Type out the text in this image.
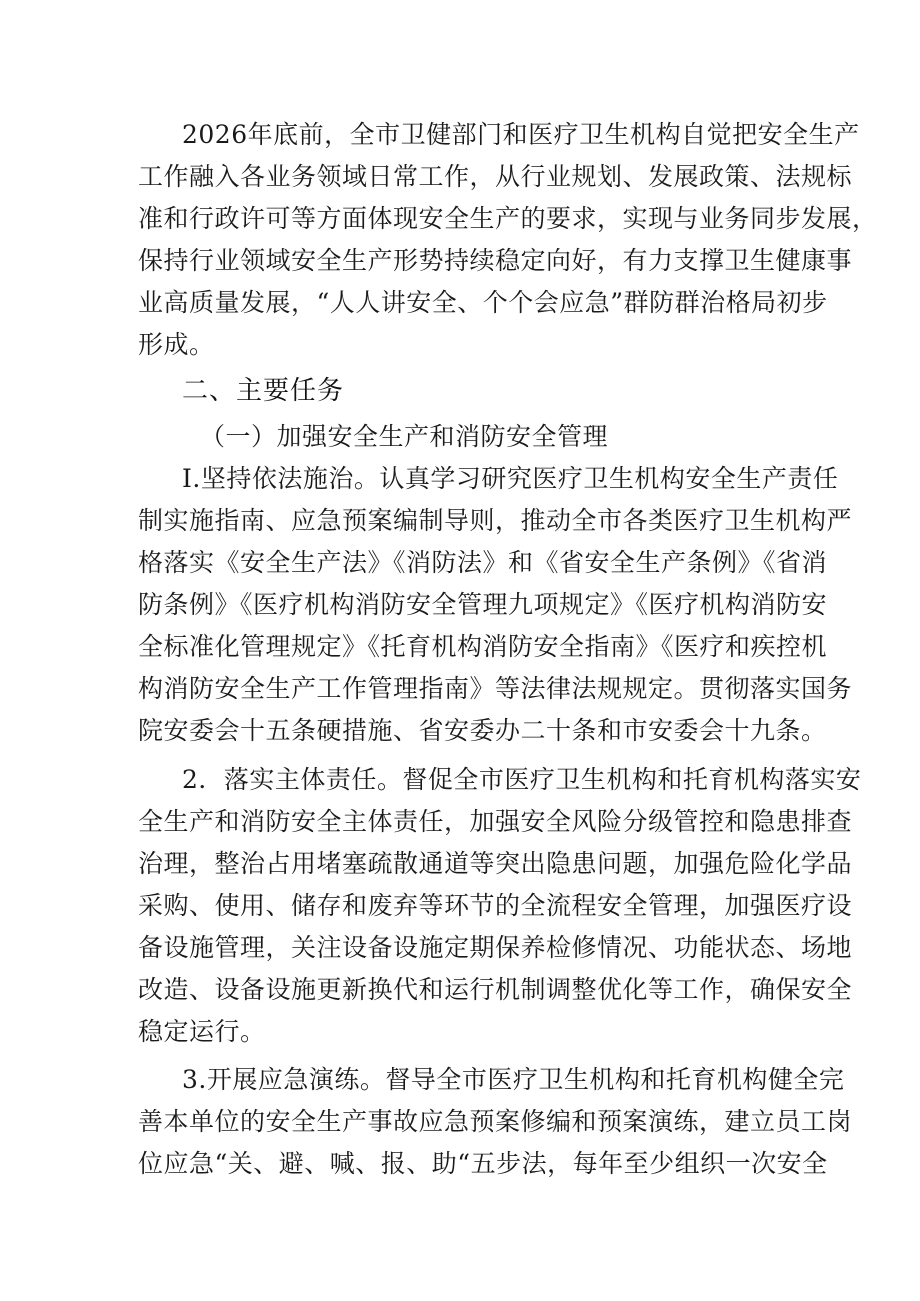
2026年底前，全市卫健部门和医疗卫生机构自觉把安全生产
工作融入各业务领域日常工作，从行业规划、发展政策、法规标
准和行政许可等方面体现安全生产的要求，实现与业务同步发展，
保持行业领域安全生产形势持续稳定向好，有力支撑卫生健康事
业高质量发展，“人人讲安全、个个会应急”群防群治格局初步
形成。
二、主要任务
（一）加强安全生产和消防安全管理
I.坚持依法施治。认真学习研究医疗卫生机构安全生产责任
制实施指南、应急预案编制导则，推动全市各类医疗卫生机构严
格落实《安全生产法》《消防法》和《省安全生产条例》《省消
防条例》《医疗机构消防安全管理九项规定》《医疗机构消防安
全标准化管理规定》《托育机构消防安全指南》《医疗和疾控机
构消防安全生产工作管理指南》等法律法规规定。贯彻落实国务
院安委会十五条硬措施、省安委办二十条和市安委会十九条。
2．落实主体责任。督促全市医疗卫生机构和托育机构落实安
全生产和消防安全主体责任，加强安全风险分级管控和隐患排查
治理，整治占用堵塞疏散通道等突出隐患问题，加强危险化学品
采购、使用、储存和废弃等环节的全流程安全管理，加强医疗设
备设施管理，关注设备设施定期保养检修情况、功能状态、场地
改造、设备设施更新换代和运行机制调整优化等工作，确保安全
稳定运行。
3.开展应急演练。督导全市医疗卫生机构和托育机构健全完
善本单位的安全生产事故应急预案修编和预案演练，建立员工岗
位应急“关、避、喊、报、助“五步法，每年至少组织一次安全
